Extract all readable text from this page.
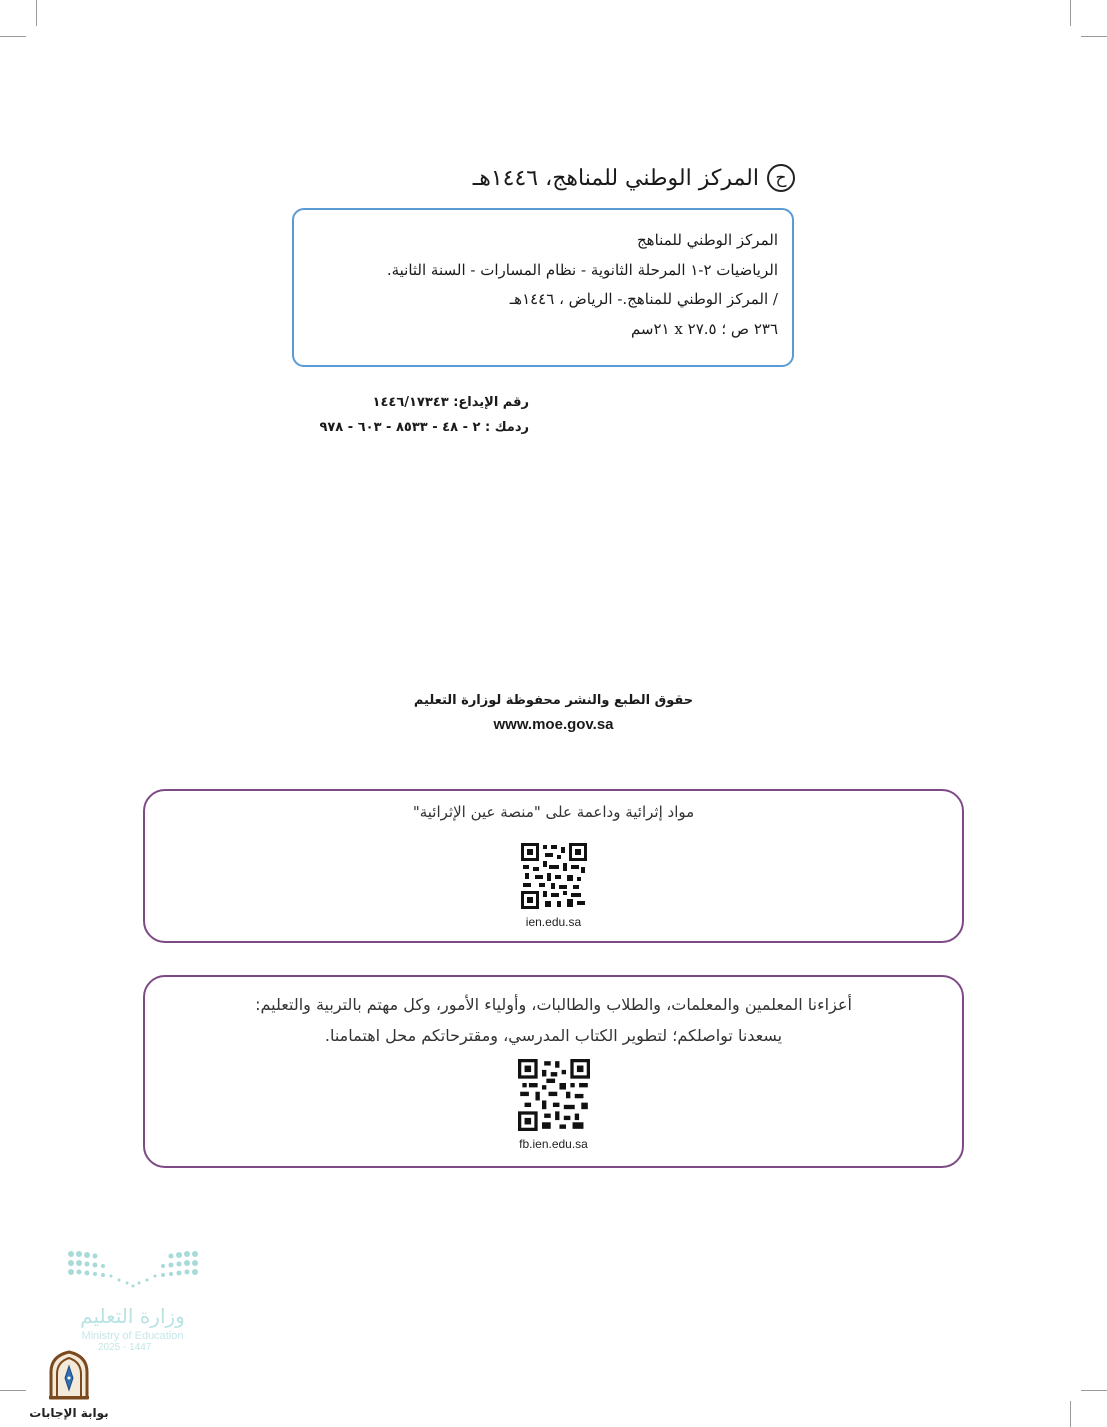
ح
المركز الوطني للمناهج، ١٤٤٦هـ
المركز الوطني للمناهج
الرياضيات ٢-١ المرحلة الثانوية - نظام المسارات - السنة الثانية.
/ المركز الوطني للمناهج.- الرياض ، ١٤٤٦هـ
٢٣٦ ص ؛ ٢٧.٥ x ٢١سم
رقم الإيداع: ١٤٤٦/١٧٣٤٣
ردمك : ٢ - ٤٨ - ٨٥٣٣ - ٦٠٣ - ٩٧٨
حقوق الطبع والنشر محفوظة لوزارة التعليم
www.moe.gov.sa
مواد إثرائية وداعمة على "منصة عين الإثرائية"
ien.edu.sa
أعزاءنا المعلمين والمعلمات، والطلاب والطالبات، وأولياء الأمور، وكل مهتم بالتربية والتعليم:
يسعدنا تواصلكم؛ لتطوير الكتاب المدرسي، ومقترحاتكم محل اهتمامنا.
fb.ien.edu.sa
وزارة التعليم
Ministry of Education
2025 - 1447
بوابة الإجابات
